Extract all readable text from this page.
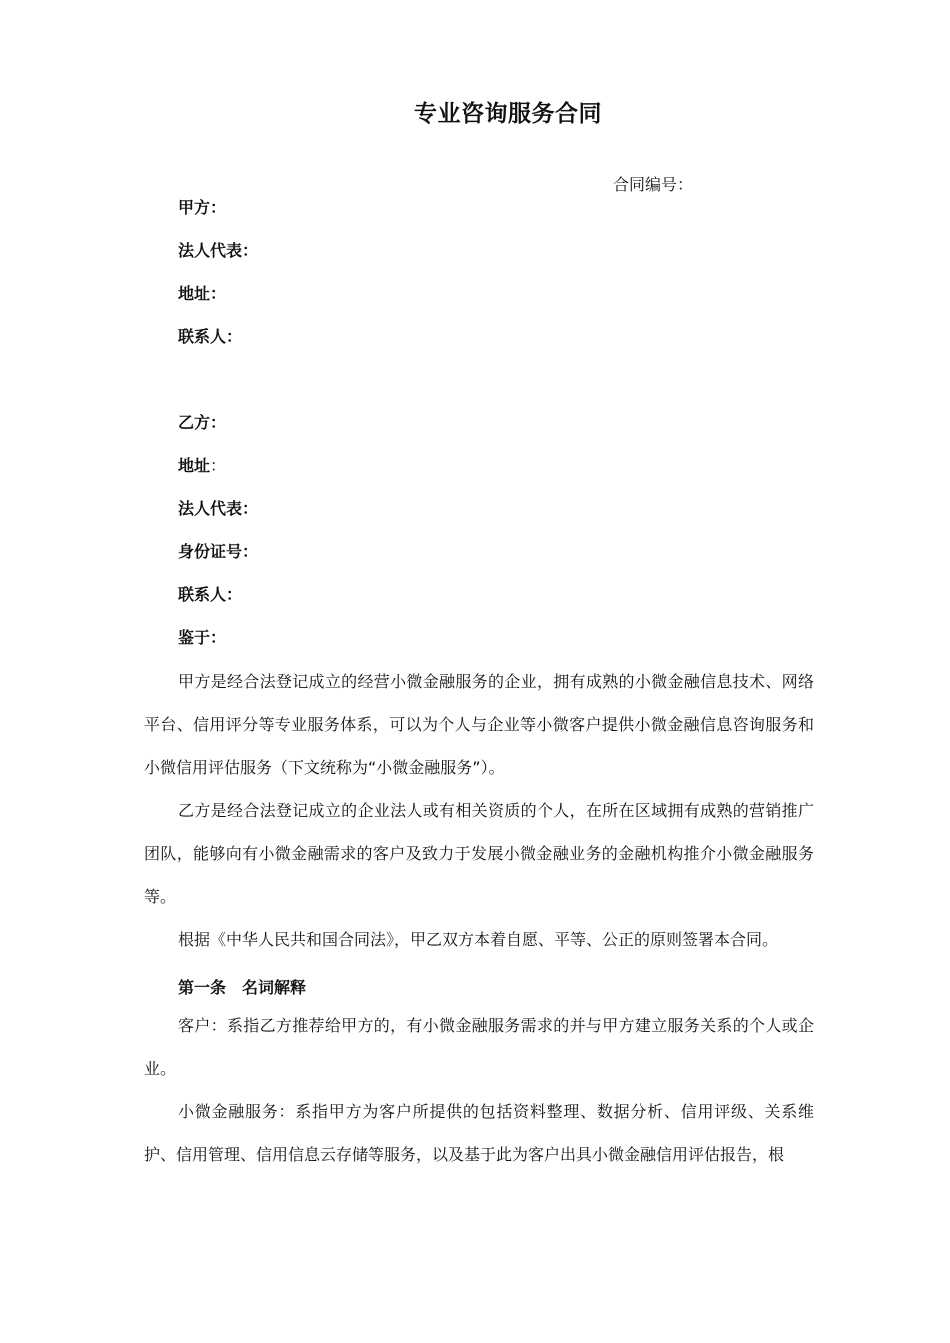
专业咨询服务合同
合同编号：
甲方：
法人代表：
地址：
联系人：
乙方：
地址：
法人代表：
身份证号：
联系人：
鉴于：
甲方是经合法登记成立的经营小微金融服务的企业，拥有成熟的小微金融信息技术、网络平台、信用评分等专业服务体系，可以为个人与企业等小微客户提供小微金融信息咨询服务和小微信用评估服务（下文统称为“小微金融服务”）。
乙方是经合法登记成立的企业法人或有相关资质的个人，在所在区域拥有成熟的营销推广团队，能够向有小微金融需求的客户及致力于发展小微金融业务的金融机构推介小微金融服务等。
根据《中华人民共和国合同法》，甲乙双方本着自愿、平等、公正的原则签署本合同。
第一条　名词解释
客户：系指乙方推荐给甲方的，有小微金融服务需求的并与甲方建立服务关系的个人或企业。
小微金融服务：系指甲方为客户所提供的包括资料整理、数据分析、信用评级、关系维护、信用管理、信用信息云存储等服务，以及基于此为客户出具小微金融信用评估报告，根
